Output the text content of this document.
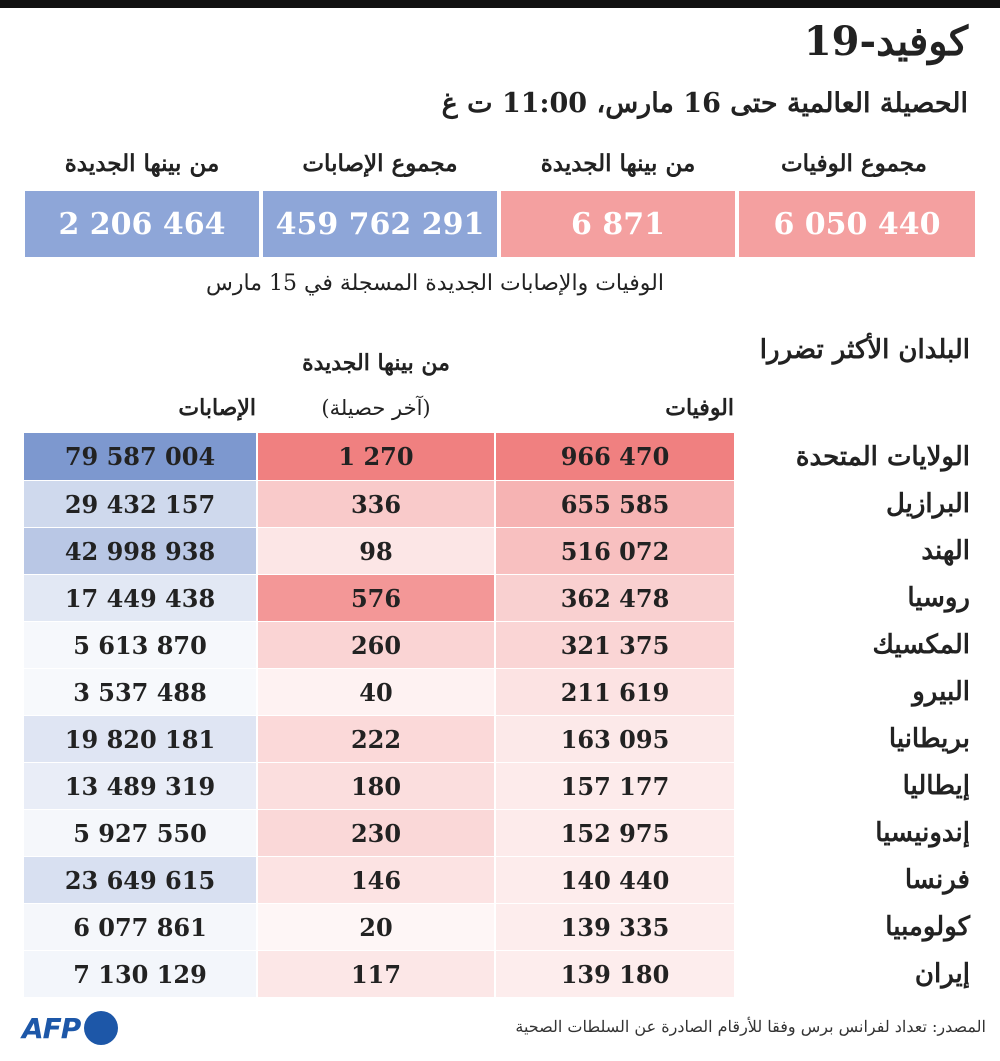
كوفيد-19
الحصيلة العالمية حتى 16 مارس، 11:00 ت غ
مجموع الوفيات
من بينها الجديدة
مجموع الإصابات
من بينها الجديدة
6 050 440
6 871
459 762 291
2 206 464
الوفيات والإصابات الجديدة المسجلة في 15 مارس
البلدان الأكثر تضررا
الوفيات
من بينها الجديدة
(آخر حصيلة)
الإصابات
الولايات المتحدة
966 470
1 270
79 587 004
البرازيل
655 585
336
29 432 157
الهند
516 072
98
42 998 938
روسيا
362 478
576
17 449 438
المكسيك
321 375
260
5 613 870
البيرو
211 619
40
3 537 488
بريطانيا
163 095
222
19 820 181
إيطاليا
157 177
180
13 489 319
إندونيسيا
152 975
230
5 927 550
فرنسا
140 440
146
23 649 615
كولومبيا
139 335
20
6 077 861
إيران
139 180
117
7 130 129
المصدر: تعداد لفرانس برس وفقا للأرقام الصادرة عن السلطات الصحية
AFP
